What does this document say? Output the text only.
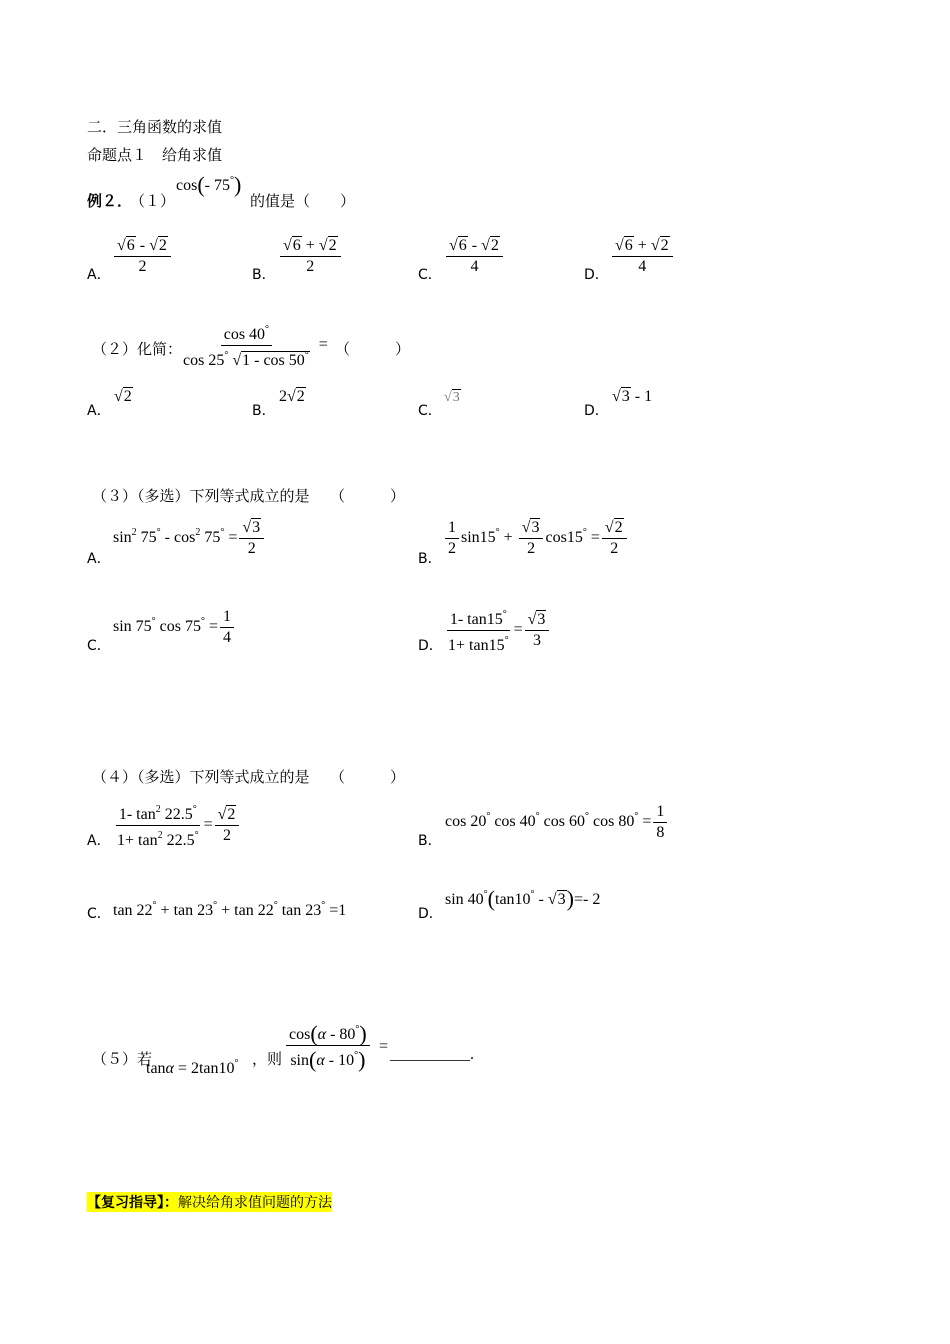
二．三角函数的求值
命题点１　给角求值
例２．
（１）
cos(- 75°)
的值是（　　）
A． $\frac{√6 - √2}{2}$	B． $\frac{√6 + √2}{2}$	C． $\frac{√6 - √2}{4}$	D． $\frac{√6 + √2}{4}$
（２）化简：
$\frac{\cos 40^\circ}{\cos 25^\circ √1 - \cos 50^\circ}$ = （　　　）
A．
√2
B．
2√2
C．
√3
D．
√3 - 1
（３）（多选）下列等式成立的是 （　　　）
A．
$\sin^2 75^\circ - \cos^2 75^\circ = \frac{√3}{2}$	B． $\frac{1}{2} \sin 15^\circ + \frac{√3}{2} \cos 15^\circ = \frac{√2}{2}$
C．
sin 75° $\cos 75^\circ = \frac{1}{4}$	D． $\frac{1- \tan 15^\circ}{1+ \tan 15^\circ} = \frac{√3}{3}$
（４）（多选）下列等式成立的是 （　　　）
A． $\frac{1- \tan^2 22.5^\circ}{1+ \tan^2 22.5^\circ} = \frac{√2}{2}$	B．
cos 20° cos 40° cos 60° $\cos 80^\circ = \frac{1}{8}$
C． tan 22° + tan 23° + tan 22° tan 23° =1	D．
sin 40°(tan10° - √3)=- 2
（５）若
tanα = 2tan10° ，则 $\frac{\cos(\alpha - 80^\circ)}{\sin(\alpha - 10^\circ)}$ = __________.
【复习指导】：解决给角求值问题的方法
